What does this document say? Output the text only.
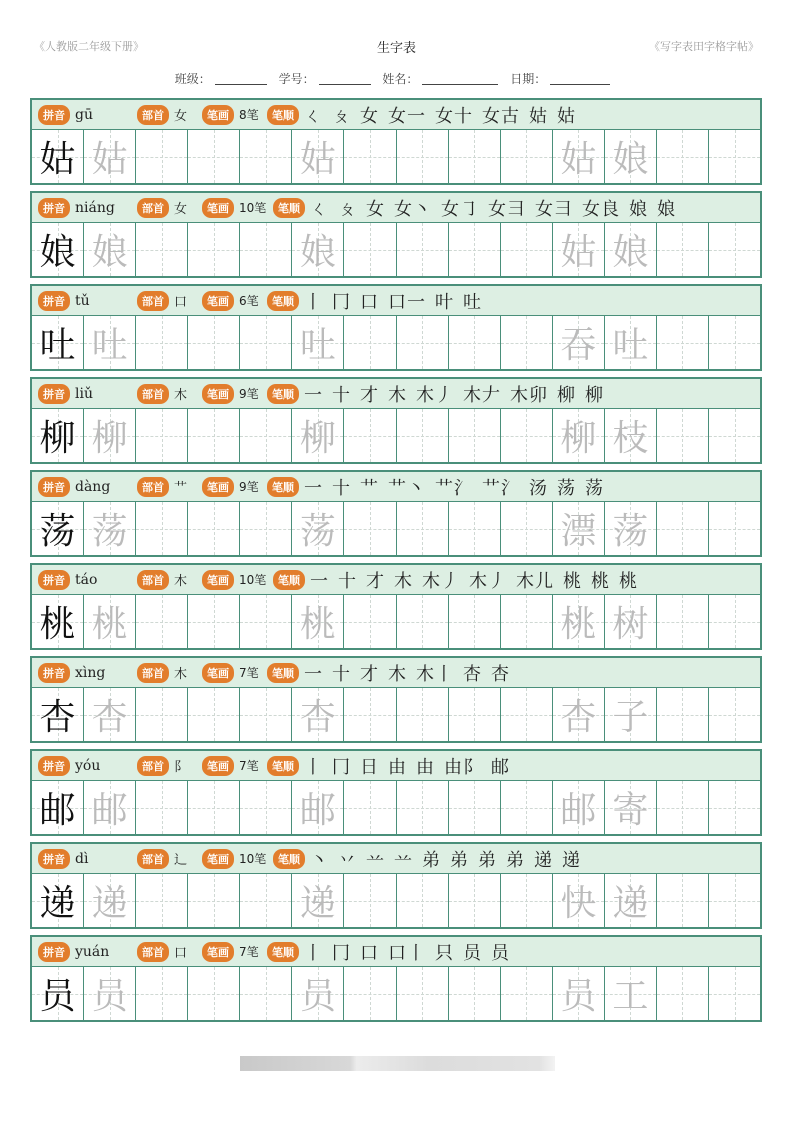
《人教版二年级下册》	生字表	《写字表田字格字帖》
班级：	学号：	姓名：	日期：
拼音 gū	部首 女	笔画 8笔	笔顺 ㄑ ㄆ 女 女一 女十 女古 姑 姑
姑 姑	姑	姑 娘
拼音 niáng	部首 女	笔画 10笔	笔顺 ㄑ ㄆ 女 女丶 女㇆ 女彐 女彐 女良 娘 娘
娘 娘	娘	姑 娘
拼音 tǔ	部首 口	笔画 6笔	笔顺 丨 冂 口 口一 叶 吐
吐 吐	吐	吞 吐
拼音 liǔ	部首 木	笔画 9笔	笔顺 一 十 才 木 木丿 木𠂇 木卯 柳 柳
柳 柳	柳	柳 枝
拼音 dàng	部首 艹	笔画 9笔	笔顺 一 十 艹 艹丶 艹氵 艹氵 汤 荡 荡
荡 荡	荡	漂 荡
拼音 táo	部首 木	笔画 10笔	笔顺 一 十 才 木 木丿 木丿 木儿 桃 桃 桃
桃 桃	桃	桃 树
拼音 xìng	部首 木	笔画 7笔	笔顺 一 十 才 木 木丨 杏 杏
杏 杏	杏	杏 子
拼音 yóu	部首 阝	笔画 7笔	笔顺 丨 冂 日 由 由 由阝 邮
邮 邮	邮	邮 寄
拼音 dì	部首 辶	笔画 10笔	笔顺 丶 丷 䒑 䒑 弟 弟 弟 弟 递 递
递 递	递	快 递
拼音 yuán	部首 口	笔画 7笔	笔顺 丨 冂 口 口丨 只 员 员
员 员	员	员 工
